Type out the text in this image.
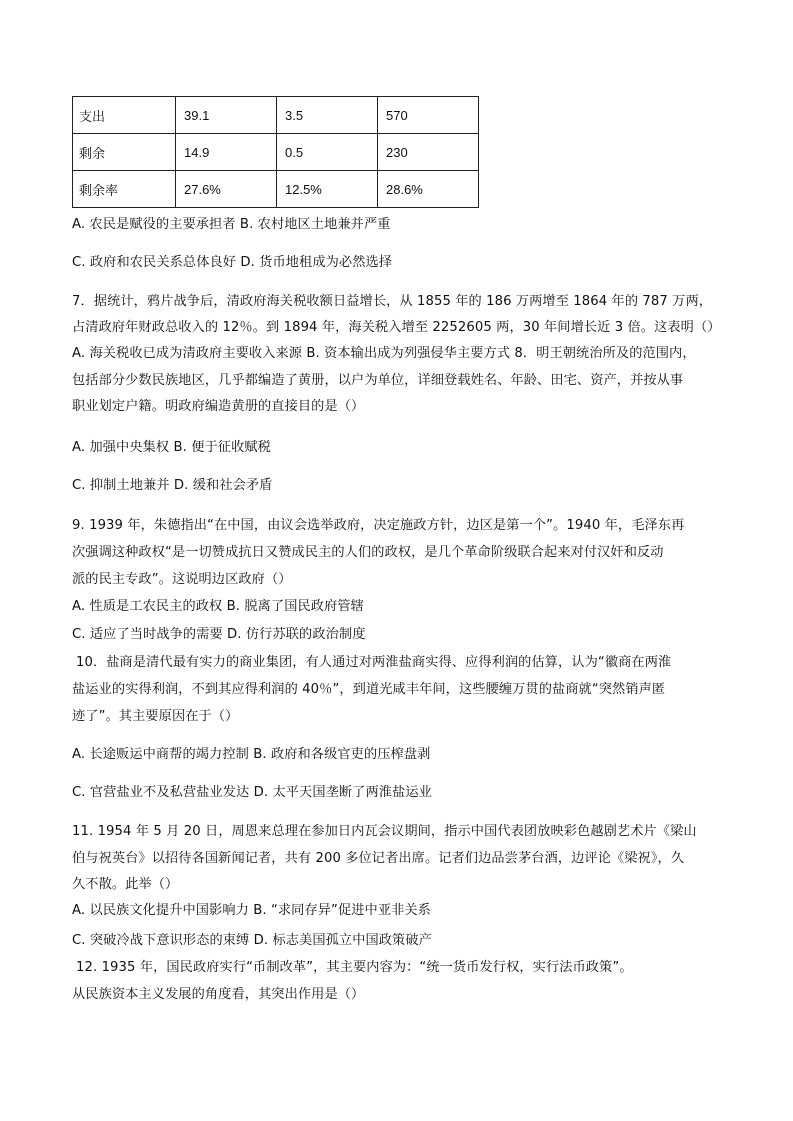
支出	39.1	3.5	570
剩余	14.9	0.5	230
剩余率	27.6%	12.5%	28.6%
A. 农民是赋役的主要承担者 B. 农村地区土地兼并严重
C. 政府和农民关系总体良好 D. 货币地租成为必然选择
7．据统计，鸦片战争后，清政府海关税收额日益增长，从 1855 年的 186 万两增至 1864 年的 787 万两，
占清政府年财政总收入的 12％。到 1894 年，海关税入增至 2252605 两，30 年间增长近 3 倍。这表明（）
A. 海关税收已成为清政府主要收入来源 B. 资本输出成为列强侵华主要方式 8．明王朝统治所及的范围内，
包括部分少数民族地区，几乎都编造了黄册，以户为单位，详细登载姓名、年龄、田宅、资产，并按从事
职业划定户籍。明政府编造黄册的直接目的是（）
A. 加强中央集权 B. 便于征收赋税
C. 抑制土地兼并 D. 缓和社会矛盾
9. 1939 年，朱德指出“在中国，由议会选举政府，决定施政方针，边区是第一个”。1940 年，毛泽东再
次强调这种政权“是一切赞成抗日又赞成民主的人们的政权，是几个革命阶级联合起来对付汉奸和反动
派的民主专政”。这说明边区政府（）
A. 性质是工农民主的政权 B. 脱离了国民政府管辖
C. 适应了当时战争的需要 D. 仿行苏联的政治制度
10．盐商是清代最有实力的商业集团，有人通过对两淮盐商实得、应得利润的估算，认为“徽商在两淮
盐运业的实得利润，不到其应得利润的 40％”，到道光咸丰年间，这些腰缠万贯的盐商就“突然销声匿
迹了”。其主要原因在于（）
A. 长途贩运中商帮的竭力控制 B. 政府和各级官吏的压榨盘剥
C. 官营盐业不及私营盐业发达 D. 太平天国垄断了两淮盐运业
11. 1954 年 5 月 20 日，周恩来总理在参加日内瓦会议期间，指示中国代表团放映彩色越剧艺术片《梁山
伯与祝英台》以招待各国新闻记者，共有 200 多位记者出席。记者们边品尝茅台酒，边评论《梁祝》，久
久不散。此举（）
A. 以民族文化提升中国影响力 B. “求同存异”促进中亚非关系
C. 突破冷战下意识形态的束缚 D. 标志美国孤立中国政策破产
12. 1935 年，国民政府实行“币制改革”，其主要内容为：“统一货币发行权，实行法币政策”。
从民族资本主义发展的角度看，其突出作用是（）
